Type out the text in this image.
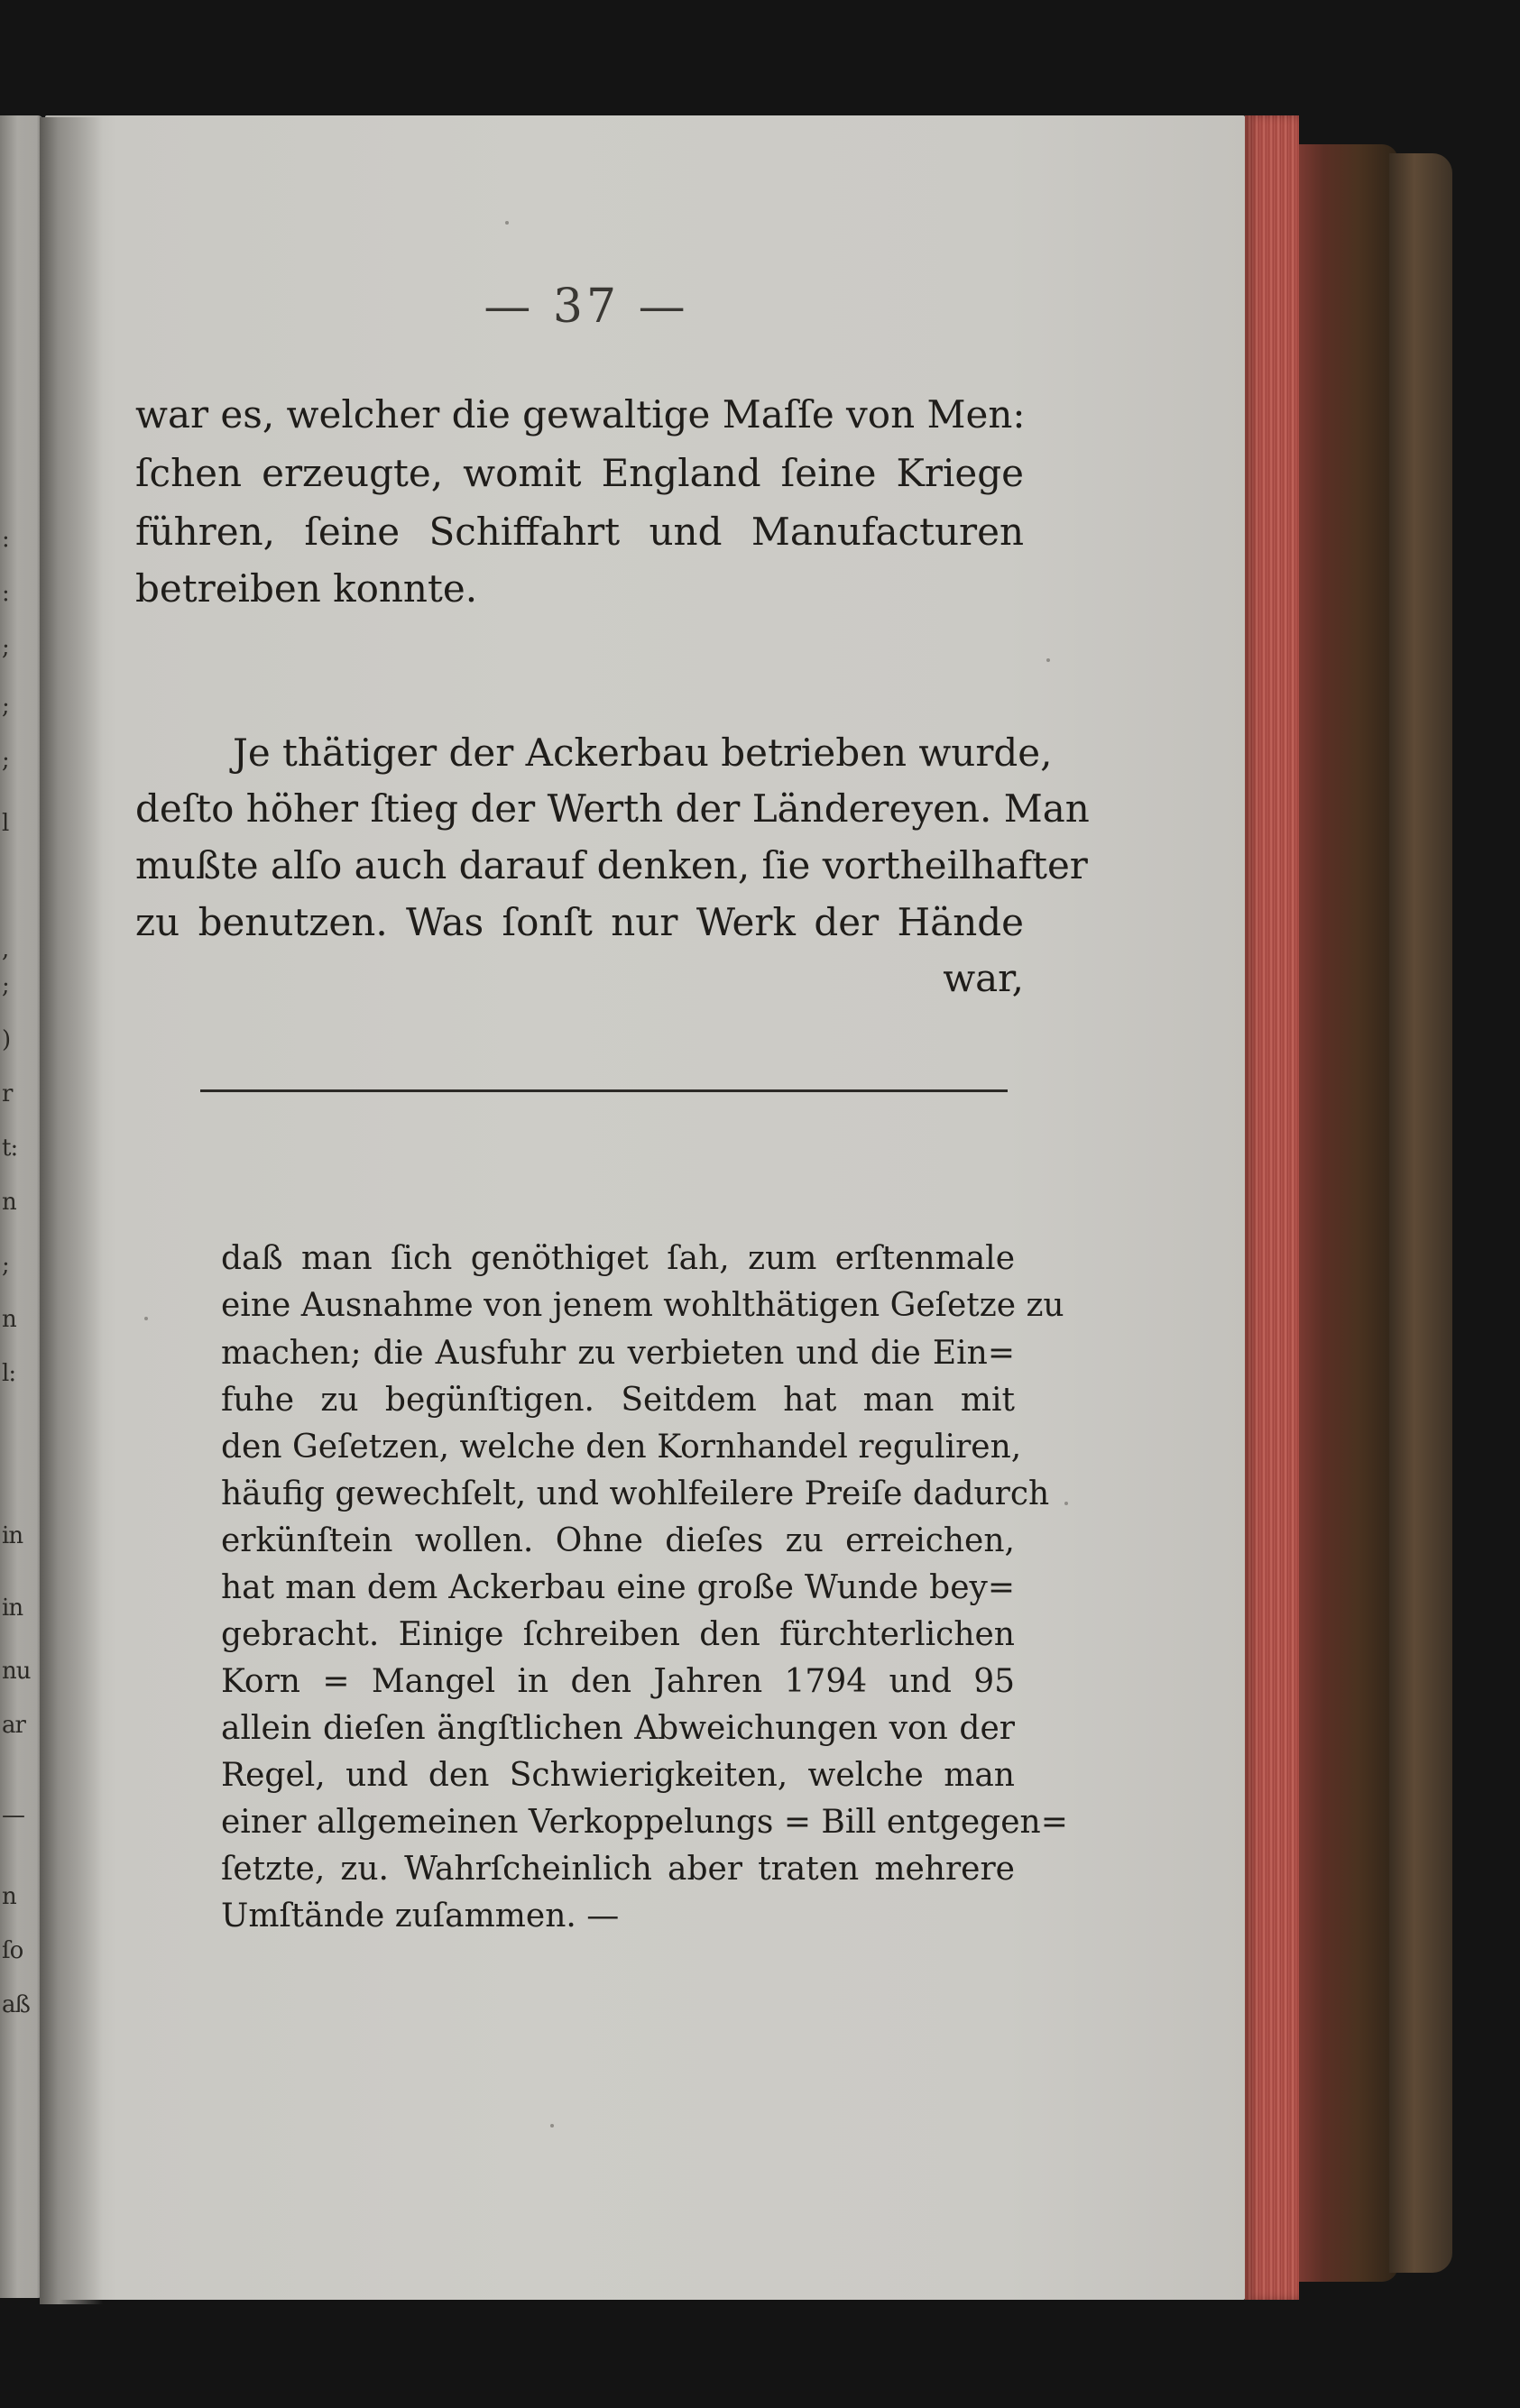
:
:
;
;
;
l
,
;
)
r
t:
n
;
n
l:
in
in
nu
ar
—
n
ſo
aß
— 37 —
war es, welcher die gewaltige Maſſe von Men:
ſchen erzeugte, womit England ſeine Kriege
führen, ſeine Schiffahrt und Manufacturen
betreiben konnte.
Je thätiger der Ackerbau betrieben wurde,
deſto höher ſtieg der Werth der Ländereyen. Man
mußte alſo auch darauf denken, ſie vortheilhafter
zu benutzen. Was ſonſt nur Werk der Hände
war,
daß man ſich genöthiget ſah, zum erſtenmale
eine Ausnahme von jenem wohlthätigen Geſetze zu
machen; die Ausfuhr zu verbieten und die Ein=
fuhe zu begünſtigen. Seitdem hat man mit
den Geſetzen, welche den Kornhandel reguliren,
häufig gewechſelt, und wohlfeilere Preiſe dadurch
erkünſtein wollen. Ohne dieſes zu erreichen,
hat man dem Ackerbau eine große Wunde bey=
gebracht. Einige ſchreiben den fürchterlichen
Korn = Mangel in den Jahren 1794 und 95
allein dieſen ängſtlichen Abweichungen von der
Regel, und den Schwierigkeiten, welche man
einer allgemeinen Verkoppelungs = Bill entgegen=
ſetzte, zu. Wahrſcheinlich aber traten mehrere
Umſtände zuſammen. —
